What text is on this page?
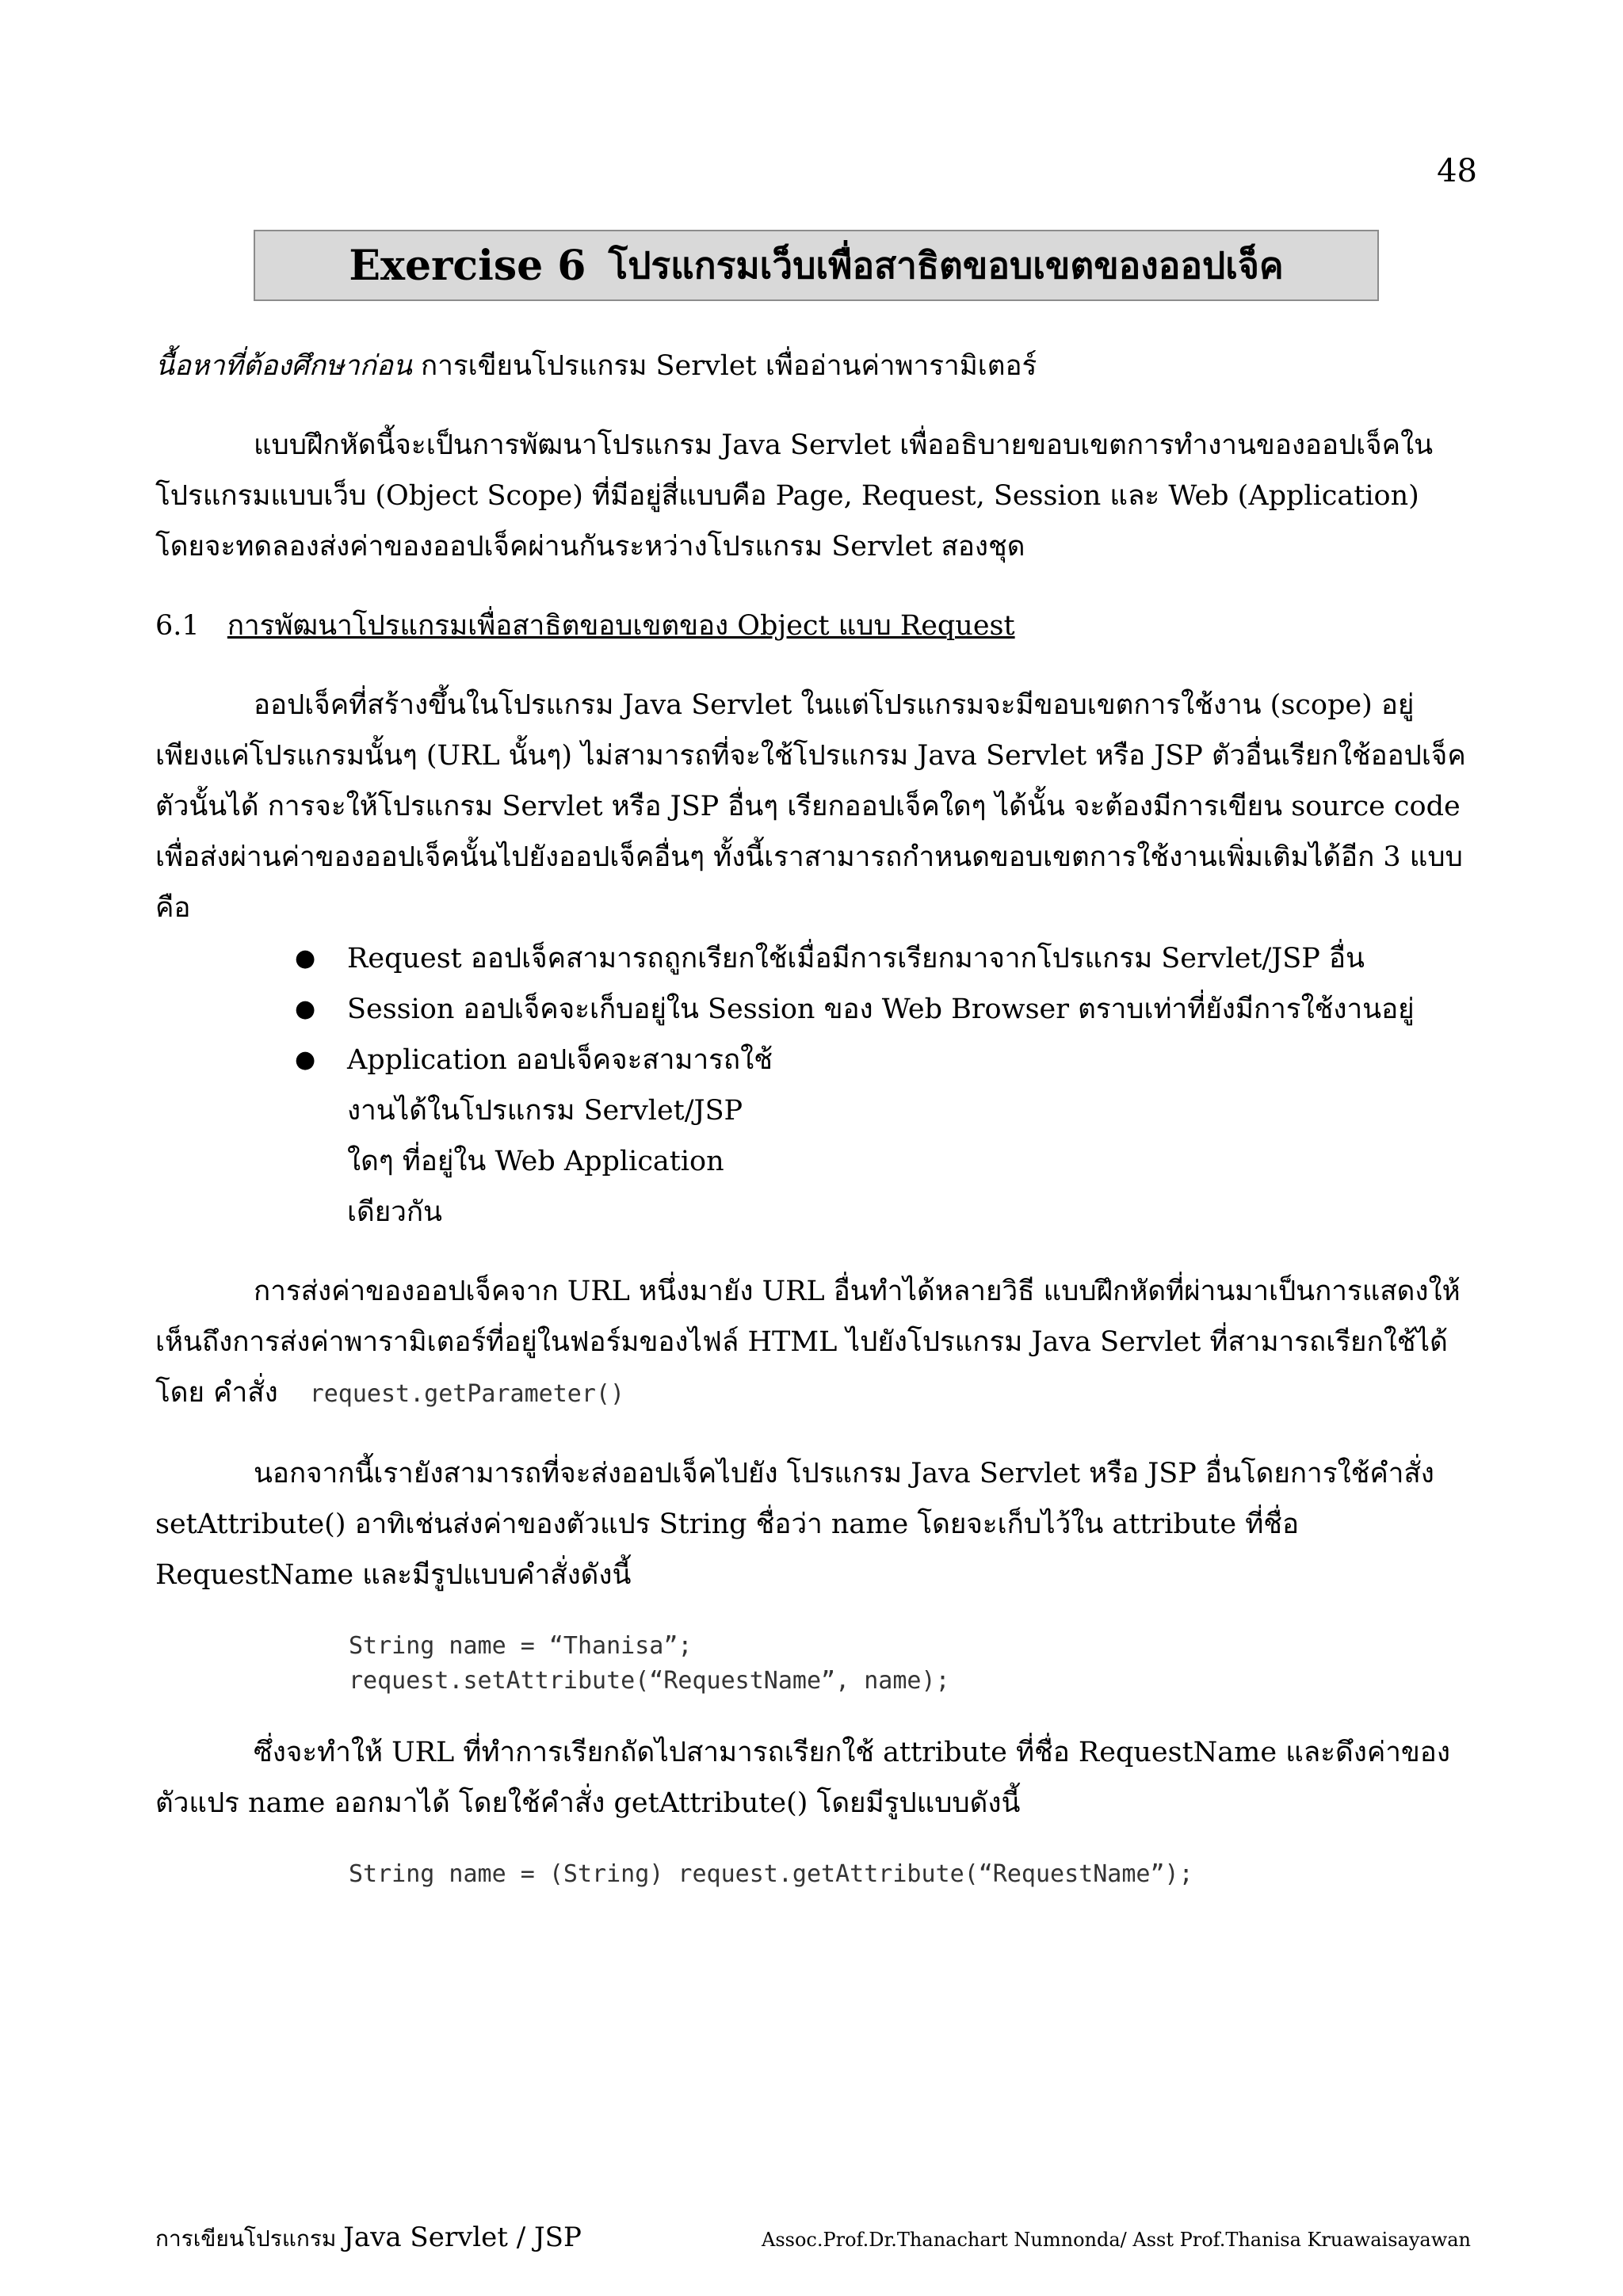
48
Exercise 6 โปรแกรมเว็บเพื่อสาธิตขอบเขตของออปเจ็ค

นื้อหาที่ต้องศึกษาก่อน การเขียนโปรแกรม Servlet เพื่ออ่านค่าพารามิเตอร์

แบบฝึกหัดนี้จะเป็นการพัฒนาโปรแกรม Java Servlet เพื่ออธิบายขอบเขตการทำงานของออปเจ็คในโปรแกรมแบบเว็บ (Object Scope) ที่มีอยู่สี่แบบคือ Page, Request, Session และ Web (Application) โดยจะทดลองส่งค่าของออปเจ็คผ่านกันระหว่างโปรแกรม Servlet สองชุด

6.1 การพัฒนาโปรแกรมเพื่อสาธิตขอบเขตของ Object แบบ Request

ออปเจ็คที่สร้างขึ้นในโปรแกรม Java Servlet ในแต่โปรแกรมจะมีขอบเขตการใช้งาน (scope) อยู่เพียงแค่โปรแกรมนั้นๆ (URL นั้นๆ) ไม่สามารถที่จะใช้โปรแกรม Java Servlet หรือ JSP ตัวอื่นเรียกใช้ออปเจ็คตัวนั้นได้ การจะให้โปรแกรม Servlet หรือ JSP อื่นๆ เรียกออปเจ็คใดๆ ได้นั้น จะต้องมีการเขียน source code เพื่อส่งผ่านค่าของออปเจ็คนั้นไปยังออปเจ็คอื่นๆ ทั้งนี้เราสามารถกำหนดขอบเขตการใช้งานเพิ่มเติมได้อีก 3 แบบคือ

● Request ออปเจ็คสามารถถูกเรียกใช้เมื่อมีการเรียกมาจากโปรแกรม Servlet/JSP อื่น
● Session ออปเจ็คจะเก็บอยู่ใน Session ของ Web Browser ตราบเท่าที่ยังมีการใช้งานอยู่
● Application ออปเจ็คจะสามารถใช้งานได้ในโปรแกรม Servlet/JSP ใดๆ ที่อยู่ใน Web Application เดียวกัน

การส่งค่าของออปเจ็คจาก URL หนึ่งมายัง URL อื่นทำได้หลายวิธี แบบฝึกหัดที่ผ่านมาเป็นการแสดงให้เห็นถึงการส่งค่าพารามิเตอร์ที่อยู่ในฟอร์มของไฟล์ HTML ไปยังโปรแกรม Java Servlet ที่สามารถเรียกใช้ได้โดย คำสั่ง request.getParameter()

นอกจากนี้เรายังสามารถที่จะส่งออปเจ็คไปยัง โปรแกรม Java Servlet หรือ JSP อื่นโดยการใช้คำสั่ง setAttribute() อาทิเช่นส่งค่าของตัวแปร String ชื่อว่า name โดยจะเก็บไว้ใน attribute ที่ชื่อ RequestName และมีรูปแบบคำสั่งดังนี้

String name = “Thanisa”;
request.setAttribute(“RequestName”, name);

ซึ่งจะทำให้ URL ที่ทำการเรียกถัดไปสามารถเรียกใช้ attribute ที่ชื่อ RequestName และดึงค่าของตัวแปร name ออกมาได้ โดยใช้คำสั่ง getAttribute() โดยมีรูปแบบดังนี้

String name = (String) request.getAttribute(“RequestName”);
การเขียนโปรแกรม Java Servlet / JSP	Assoc.Prof.Dr.Thanachart Numnonda/ Asst Prof.Thanisa Kruawaisayawan
